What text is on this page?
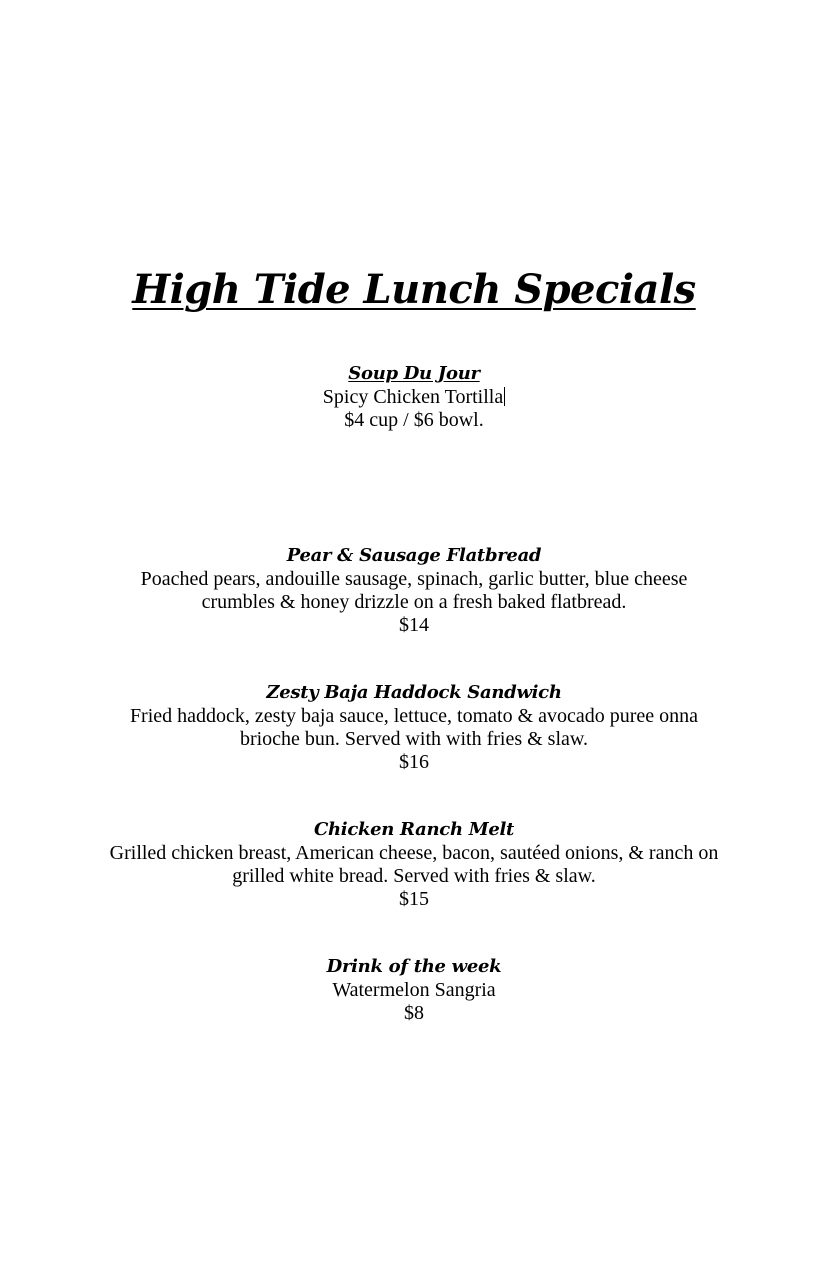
High Tide Lunch Specials
Soup Du Jour
Spicy Chicken Tortilla
$4 cup / $6 bowl.
Pear & Sausage Flatbread
Poached pears, andouille sausage, spinach, garlic butter, blue cheese
crumbles & honey drizzle on a fresh baked flatbread.
$14
Zesty Baja Haddock Sandwich
Fried haddock, zesty baja sauce, lettuce, tomato & avocado puree onna
brioche bun. Served with with fries & slaw.
$16
Chicken Ranch Melt
Grilled chicken breast, American cheese, bacon, sautéed onions, & ranch on
grilled white bread. Served with fries & slaw.
$15
Drink of the week
Watermelon Sangria
$8
